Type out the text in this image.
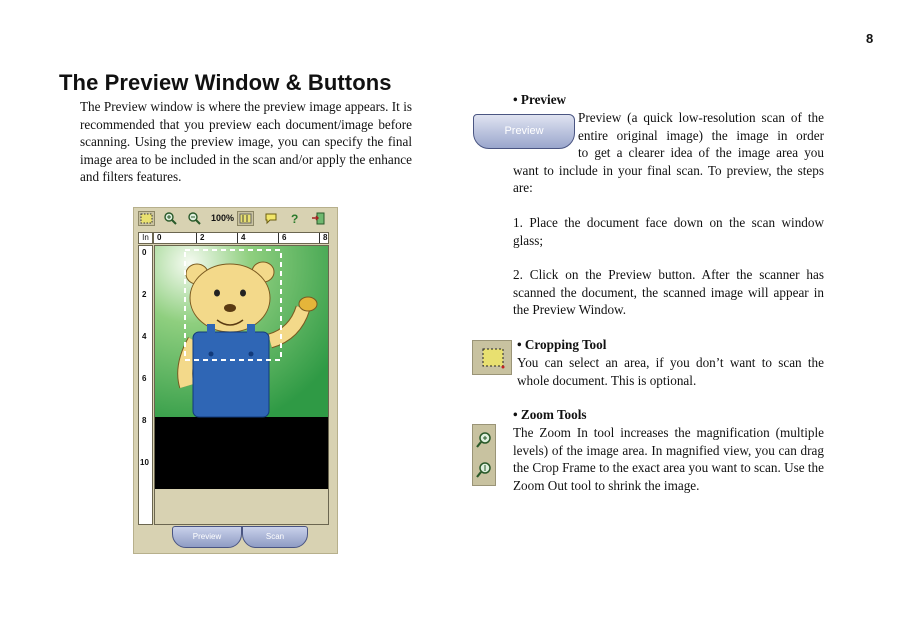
8
The Preview Window & Buttons
The Preview window is where the preview image appears. It is recommended that you preview each document/image before scanning. Using the preview image, you can specify the final image area to be included in the scan and/or apply the enhance and filters features.
100%	?
In	0	2	4	6	8
0
2
4
6
8
10
Preview	Scan
• Preview
Preview
Preview (a quick low-resolution scan of the
entire original image) the image in order
to get a clearer idea of the image area you
want to include in your final scan. To preview, the steps are:
1. Place the document face down on the scan window glass;
2. Click on the Preview button. After the scanner has scanned the document, the scanned image will appear in the Preview Window.
• Cropping Tool
You can select an area, if you don’t want to scan the whole document. This is optional.
• Zoom Tools
The Zoom In tool increases the magnification (multiple levels) of the image area. In magnified view, you can drag the Crop Frame to the exact area you want to scan. Use the Zoom Out tool to shrink the image.
